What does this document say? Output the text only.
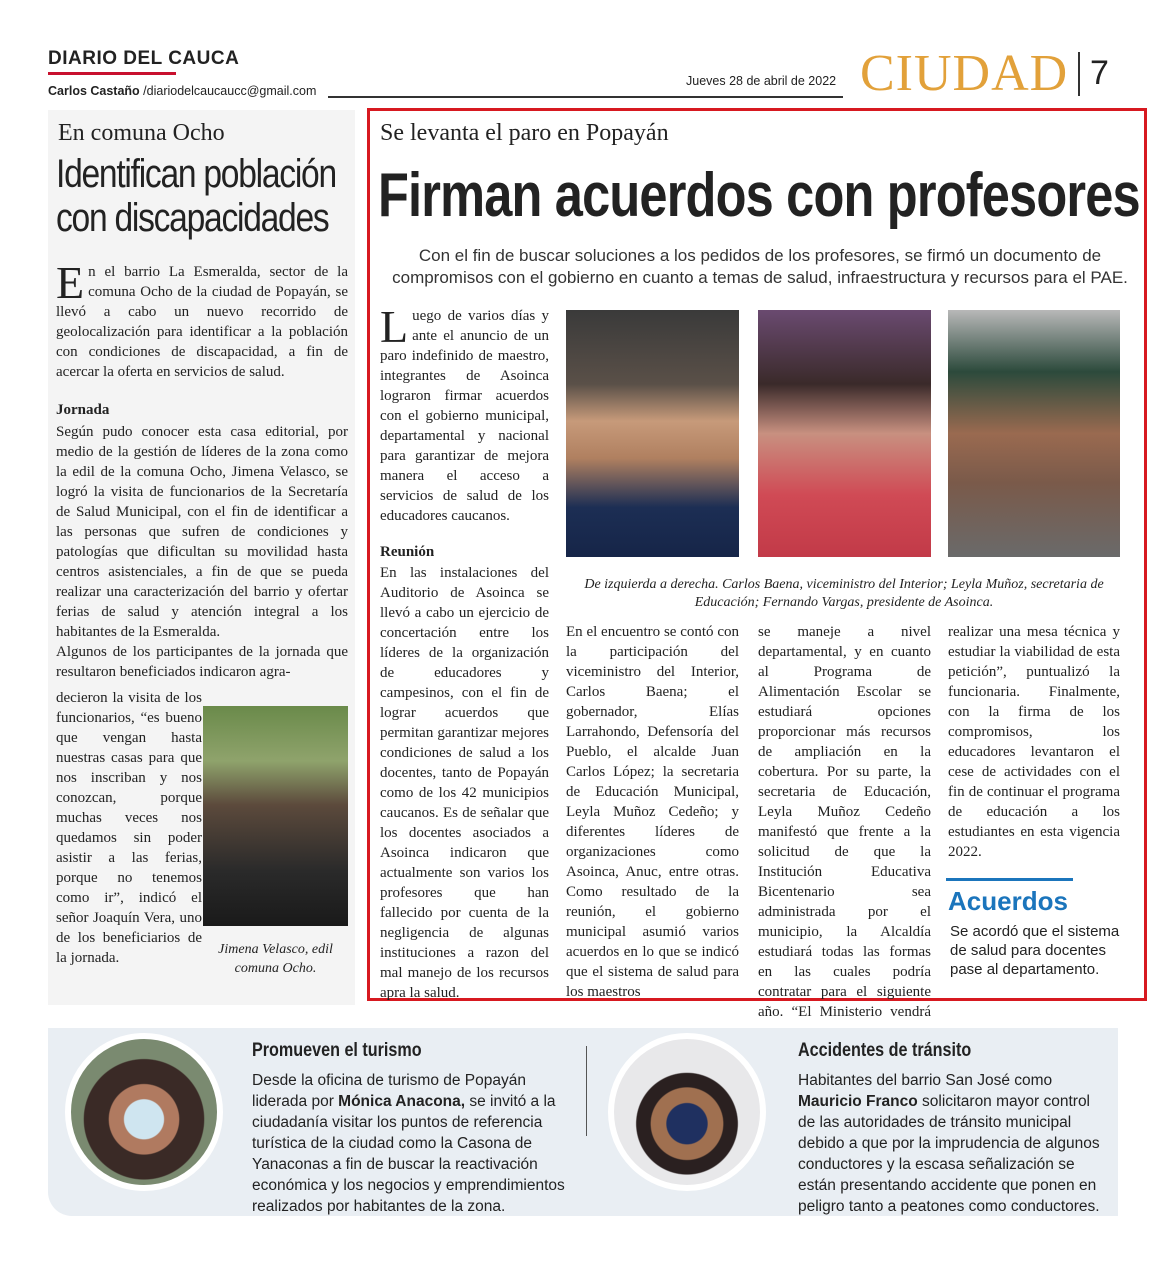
DIARIO DEL CAUCA
Carlos Castaño /diariodelcaucaucc@gmail.com
Jueves 28 de abril de 2022 CIUDAD 7
En comuna Ocho
Identifican población con discapacidades
En el barrio La Esmeralda, sector de la comuna Ocho de la ciudad de Popayán, se llevó a cabo un nuevo recorrido de geolocalización para identificar a la población con condiciones de discapacidad, a fin de acercar la oferta en servicios de salud.
Jornada
Según pudo conocer esta casa editorial, por medio de la gestión de líderes de la zona como la edil de la comuna Ocho, Jimena Velasco, se logró la visita de funcionarios de la Secretaría de Salud Municipal, con el fin de identificar a las personas que sufren de condiciones y patologías que dificultan su movilidad hasta centros asistenciales, a fin de que se pueda realizar una caracterización del barrio y ofertar ferias de salud y atención integral a los habitantes de la Esmeralda.
Algunos de los participantes de la jornada que resultaron beneficiados indicaron agra-
decieron la visita de los funcionarios, “es bueno que vengan hasta nuestras casas para que nos inscriban y nos conozcan, porque muchas veces nos quedamos sin poder asistir a las ferias, porque no tenemos como ir”, indicó el señor Joaquín Vera, uno de los beneficiarios de la jornada.
Jimena Velasco, edil comuna Ocho.
Se levanta el paro en Popayán
Firman acuerdos con profesores
Con el fin de buscar soluciones a los pedidos de los profesores, se firmó un documento de compromisos con el gobierno en cuanto a temas de salud, infraestructura y recursos para el PAE.
Luego de varios días y ante el anuncio de un paro indefinido de maestro, integrantes de Asoinca lograron firmar acuerdos con el gobierno municipal, departamental y nacional para garantizar de mejora manera el acceso a servicios de salud de los educadores caucanos.
Reunión
En las instalaciones del Auditorio de Asoinca se llevó a cabo un ejercicio de concertación entre los líderes de la organización de educadores y campesinos, con el fin de lograr acuerdos que permitan garantizar mejores condiciones de salud a los docentes, tanto de Popayán como de los 42 municipios caucanos. Es de señalar que los docentes asociados a Asoinca indicaron que actualmente son varios los profesores que han fallecido por cuenta de la negligencia de algunas instituciones a razon del mal manejo de los recursos apra la salud.
De izquierda a derecha. Carlos Baena, viceministro del Interior; Leyla Muñoz, secretaria de Educación; Fernando Vargas, presidente de Asoinca.
En el encuentro se contó con la participación del viceministro del Interior, Carlos Baena; el gobernador, Elías Larrahondo, Defensoría del Pueblo, el alcalde Juan Carlos López; la secretaria de Educación Municipal, Leyla Muñoz Cedeño; y diferentes líderes de organizaciones como Asoinca, Anuc, entre otras. Como resultado de la reunión, el gobierno municipal asumió varios acuerdos en lo que se indicó que el sistema de salud para los maestros
se maneje a nivel departamental, y en cuanto al Programa de Alimentación Escolar se estudiará opciones proporcionar más recursos de ampliación en la cobertura. Por su parte, la secretaria de Educación, Leyla Muñoz Cedeño manifestó que frente a la solicitud de que la Institución Educativa Bicentenario sea administrada por el municipio, la Alcaldía estudiará todas las formas en las cuales podría contratar para el siguiente año. “El Ministerio vendrá
realizar una mesa técnica y estudiar la viabilidad de esta petición”, puntualizó la funcionaria. Finalmente, con la firma de los compromisos, los educadores levantaron el cese de actividades con el fin de continuar el programa de educación a los estudiantes en esta vigencia 2022.
Acuerdos
Se acordó que el sistema de salud para docentes pase al departamento.
Promueven el turismo
Desde la oficina de turismo de Popayán liderada por Mónica Anacona, se invitó a la ciudadanía visitar los puntos de referencia turística de la ciudad como la Casona de Yanaconas a fin de buscar la reactivación económica y los negocios y emprendimientos realizados por habitantes de la zona.
Accidentes de tránsito
Habitantes del barrio San José como Mauricio Franco solicitaron mayor control de las autoridades de tránsito municipal debido a que por la imprudencia de algunos conductores y la escasa señalización se están presentando accidente que ponen en peligro tanto a peatones como conductores.
